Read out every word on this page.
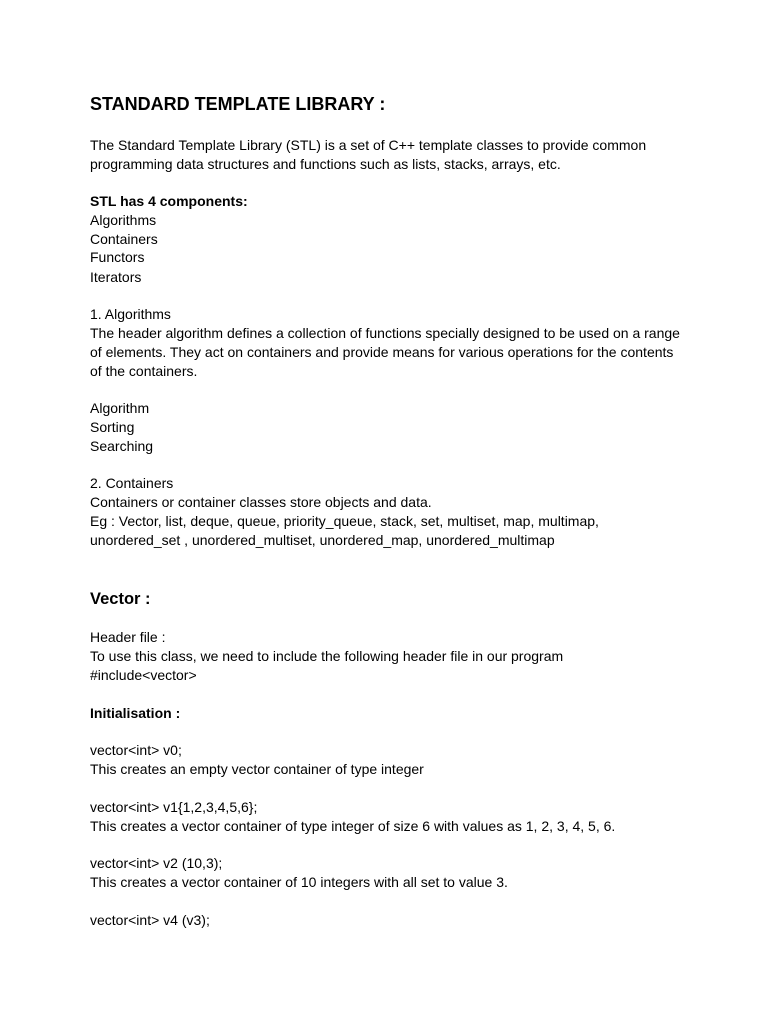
STANDARD TEMPLATE LIBRARY :
The Standard Template Library (STL) is a set of C++ template classes to provide common
programming data structures and functions such as lists, stacks, arrays, etc.
STL has 4 components:
Algorithms
Containers
Functors
Iterators
1. Algorithms
The header algorithm defines a collection of functions specially designed to be used on a range
of elements. They act on containers and provide means for various operations for the contents
of the containers.
Algorithm
Sorting
Searching
2. Containers
Containers or container classes store objects and data.
Eg : Vector, list, deque, queue, priority_queue, stack, set, multiset, map, multimap,
unordered_set , unordered_multiset, unordered_map, unordered_multimap
Vector :
Header file :
To use this class, we need to include the following header file in our program
#include<vector>
Initialisation :
vector<int> v0;
This creates an empty vector container of type integer
vector<int> v1{1,2,3,4,5,6};
This creates a vector container of type integer of size 6 with values as 1, 2, 3, 4, 5, 6.
vector<int> v2 (10,3);
This creates a vector container of 10 integers with all set to value 3.
vector<int> v4 (v3);
